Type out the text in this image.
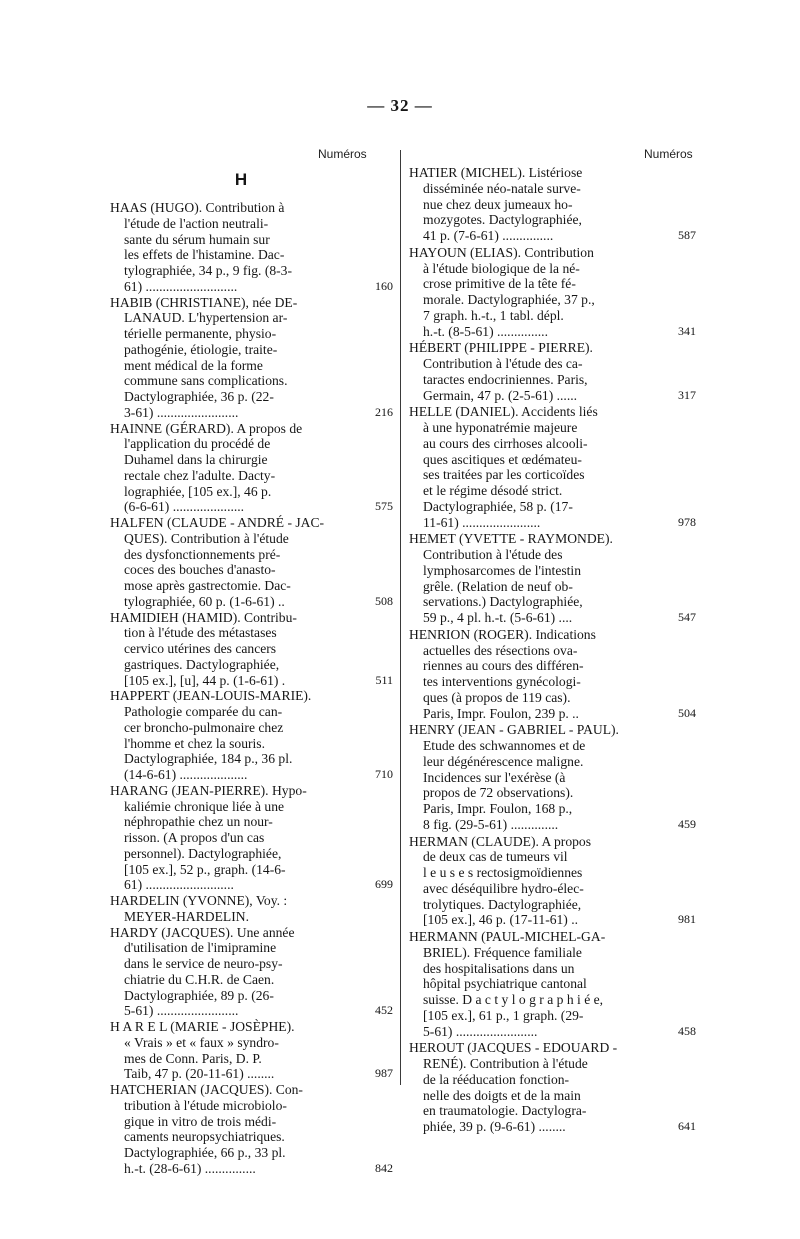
— 32 —
Numéros	Numéros
H
HAAS (HUGO). Contribution à
l'étude de l'action neutrali-
sante du sérum humain sur
les effets de l'histamine. Dac-
tylographiée, 34 p., 9 fig. (8-3-
61) ...........................	160
HABIB (CHRISTIANE), née DE-
LANAUD. L'hypertension ar-
térielle permanente, physio-
pathogénie, étiologie, traite-
ment médical de la forme
commune sans complications.
Dactylographiée, 36 p. (22-
3-61) ........................	216
HAINNE (GÉRARD). A propos de
l'application du procédé de
Duhamel dans la chirurgie
rectale chez l'adulte. Dacty-
lographiée, [105 ex.], 46 p.
(6-6-61) .....................	575
HALFEN (CLAUDE - ANDRÉ - JAC-
QUES). Contribution à l'étude
des dysfonctionnements pré-
coces des bouches d'anasto-
mose après gastrectomie. Dac-
tylographiée, 60 p. (1-6-61) ..	508
HAMIDIEH (HAMID). Contribu-
tion à l'étude des métastases
cervico utérines des cancers
gastriques. Dactylographiée,
[105 ex.], [u], 44 p. (1-6-61) .	511
HAPPERT (JEAN-LOUIS-MARIE).
Pathologie comparée du can-
cer broncho-pulmonaire chez
l'homme et chez la souris.
Dactylographiée, 184 p., 36 pl.
(14-6-61) ....................	710
HARANG (JEAN-PIERRE). Hypo-
kaliémie chronique liée à une
néphropathie chez un nour-
risson. (A propos d'un cas
personnel). Dactylographiée,
[105 ex.], 52 p., graph. (14-6-
61) ..........................	699
HARDELIN (YVONNE), Voy. :
MEYER-HARDELIN.
HARDY (JACQUES). Une année
d'utilisation de l'imipramine
dans le service de neuro-psy-
chiatrie du C.H.R. de Caen.
Dactylographiée, 89 p. (26-
5-61) ........................	452
H A R E L (MARIE - JOSÈPHE).
« Vrais » et « faux » syndro-
mes de Conn. Paris, D. P.
Taib, 47 p. (20-11-61) ........	987
HATCHERIAN (JACQUES). Con-
tribution à l'étude microbiolo-
gique in vitro de trois médi-
caments neuropsychiatriques.
Dactylographiée, 66 p., 33 pl.
h.-t. (28-6-61) ...............	842
HATIER (MICHEL). Listériose
disséminée néo-natale surve-
nue chez deux jumeaux ho-
mozygotes. Dactylographiée,
41 p. (7-6-61) ...............	587
HAYOUN (ELIAS). Contribution
à l'étude biologique de la né-
crose primitive de la tête fé-
morale. Dactylographiée, 37 p.,
7 graph. h.-t., 1 tabl. dépl.
h.-t. (8-5-61) ...............	341
HÉBERT (PHILIPPE - PIERRE).
Contribution à l'étude des ca-
taractes endocriniennes. Paris,
Germain, 47 p. (2-5-61) ......	317
HELLE (DANIEL). Accidents liés
à une hyponatrémie majeure
au cours des cirrhoses alcooli-
ques ascitiques et œdémateu-
ses traitées par les corticoïdes
et le régime désodé strict.
Dactylographiée, 58 p. (17-
11-61) .......................	978
HEMET (YVETTE - RAYMONDE).
Contribution à l'étude des
lymphosarcomes de l'intestin
grêle. (Relation de neuf ob-
servations.) Dactylographiée,
59 p., 4 pl. h.-t. (5-6-61) ....	547
HENRION (ROGER). Indications
actuelles des résections ova-
riennes au cours des différen-
tes interventions gynécologi-
ques (à propos de 119 cas).
Paris, Impr. Foulon, 239 p. ..	504
HENRY (JEAN - GABRIEL - PAUL).
Etude des schwannomes et de
leur dégénérescence maligne.
Incidences sur l'exérèse (à
propos de 72 observations).
Paris, Impr. Foulon, 168 p.,
8 fig. (29-5-61) ..............	459
HERMAN (CLAUDE). A propos
de deux cas de tumeurs vil
l e u s e s rectosigmoïdiennes
avec déséquilibre hydro-élec-
trolytiques. Dactylographiée,
[105 ex.], 46 p. (17-11-61) ..	981
HERMANN (PAUL-MICHEL-GA-
BRIEL). Fréquence familiale
des hospitalisations dans un
hôpital psychiatrique cantonal
suisse. D a c t y l o g r a p h i é e,
[105 ex.], 61 p., 1 graph. (29-
5-61) ........................	458
HEROUT (JACQUES - EDOUARD -
RENÉ). Contribution à l'étude
de la rééducation fonction-
nelle des doigts et de la main
en traumatologie. Dactylogra-
phiée, 39 p. (9-6-61) ........	641
